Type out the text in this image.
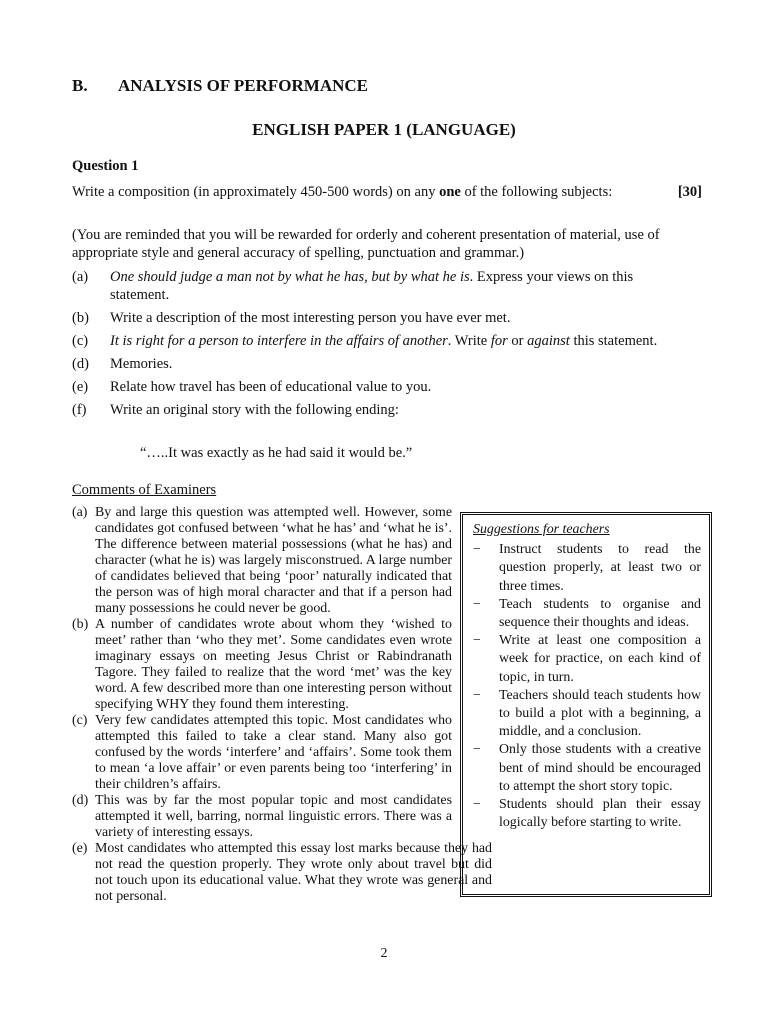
B. ANALYSIS OF PERFORMANCE
ENGLISH PAPER 1 (LANGUAGE)
Question 1
Write a composition (in approximately 450-500 words) on any one of the following subjects:	[30]
(You are reminded that you will be rewarded for orderly and coherent presentation of material, use of appropriate style and general accuracy of spelling, punctuation and grammar.)
(a)	One should judge a man not by what he has, but by what he is. Express your views on this statement.
(b)	Write a description of the most interesting person you have ever met.
(c)	It is right for a person to interfere in the affairs of another. Write for or against this statement.
(d)	Memories.
(e)	Relate how travel has been of educational value to you.
(f)	Write an original story with the following ending:
“…..It was exactly as he had said it would be.”
Comments of Examiners
(a) By and large this question was attempted well. However, some candidates got confused between ‘what he has’ and ‘what he is’. The difference between material possessions (what he has) and character (what he is) was largely misconstrued. A large number of candidates believed that being ‘poor’ naturally indicated that the person was of high moral character and that if a person had many possessions he could never be good.
(b) A number of candidates wrote about whom they ‘wished to meet’ rather than ‘who they met’. Some candidates even wrote imaginary essays on meeting Jesus Christ or Rabindranath Tagore. They failed to realize that the word ‘met’ was the key word. A few described more than one interesting person without specifying WHY they found them interesting.
(c) Very few candidates attempted this topic. Most candidates who attempted this failed to take a clear stand. Many also got confused by the words ‘interfere’ and ‘affairs’. Some took them to mean ‘a love affair’ or even parents being too ‘interfering’ in their children’s affairs.
(d) This was by far the most popular topic and most candidates attempted it well, barring, normal linguistic errors. There was a variety of interesting essays.
(e) Most candidates who attempted this essay lost marks because they had not read the question properly. They wrote only about travel but did not touch upon its educational value. What they wrote was general and not personal.
Suggestions for teachers
−	Instruct students to read the question properly, at least two or three times.
−	Teach students to organise and sequence their thoughts and ideas.
−	Write at least one composition a week for practice, on each kind of topic, in turn.
−	Teachers should teach students how to build a plot with a beginning, a middle, and a conclusion.
−	Only those students with a creative bent of mind should be encouraged to attempt the short story topic.
−	Students should plan their essay logically before starting to write.
2
